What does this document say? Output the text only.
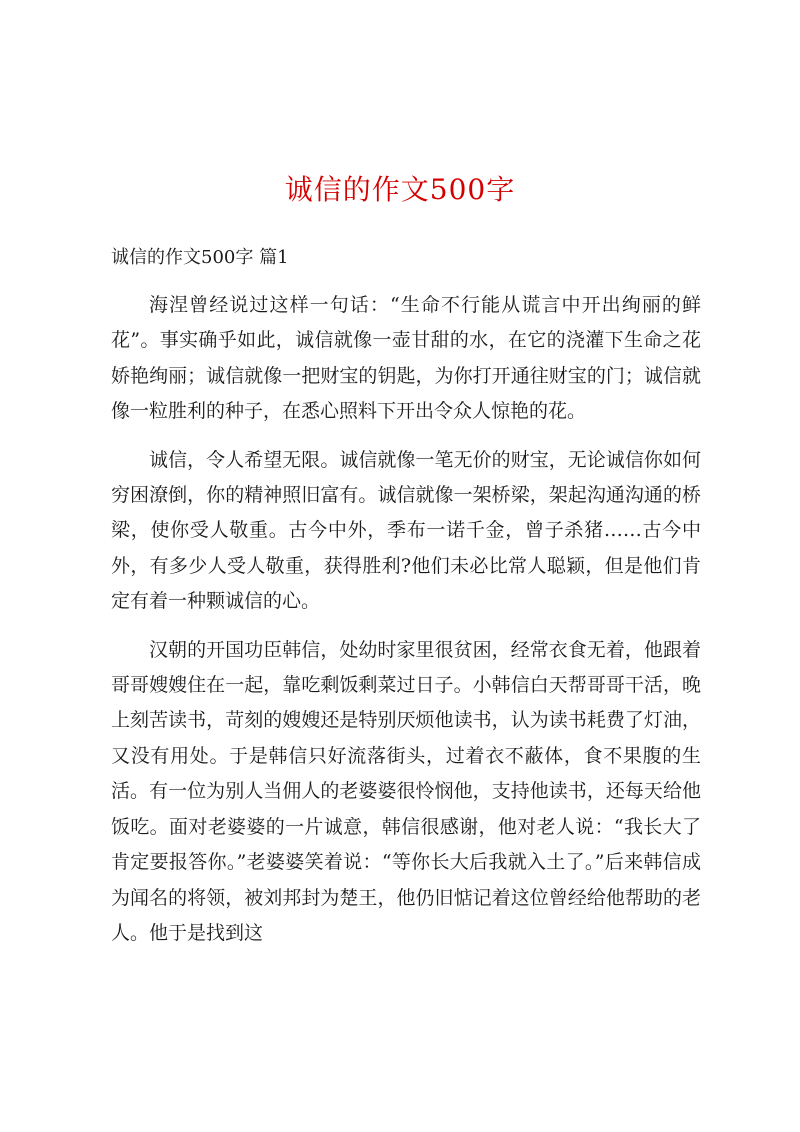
诚信的作文500字
诚信的作文500字 篇1

海涅曾经说过这样一句话：“生命不行能从谎言中开出绚丽的鲜花”。事实确乎如此，诚信就像一壶甘甜的水，在它的浇灌下生命之花娇艳绚丽；诚信就像一把财宝的钥匙，为你打开通往财宝的门；诚信就像一粒胜利的种子，在悉心照料下开出令众人惊艳的花。

诚信，令人希望无限。诚信就像一笔无价的财宝，无论诚信你如何穷困潦倒，你的精神照旧富有。诚信就像一架桥梁，架起沟通沟通的桥梁，使你受人敬重。古今中外，季布一诺千金，曾子杀猪……古今中外，有多少人受人敬重，获得胜利?他们未必比常人聪颖，但是他们肯定有着一种颗诚信的心。

汉朝的开国功臣韩信，处幼时家里很贫困，经常衣食无着，他跟着哥哥嫂嫂住在一起，靠吃剩饭剩菜过日子。小韩信白天帮哥哥干活，晚上刻苦读书，苛刻的嫂嫂还是特别厌烦他读书，认为读书耗费了灯油，又没有用处。于是韩信只好流落街头，过着衣不蔽体，食不果腹的生活。有一位为别人当佣人的老婆婆很怜悯他，支持他读书，还每天给他饭吃。面对老婆婆的一片诚意，韩信很感谢，他对老人说：“我长大了肯定要报答你。”老婆婆笑着说：“等你长大后我就入土了。”后来韩信成为闻名的将领，被刘邦封为楚王，他仍旧惦记着这位曾经给他帮助的老人。他于是找到这
